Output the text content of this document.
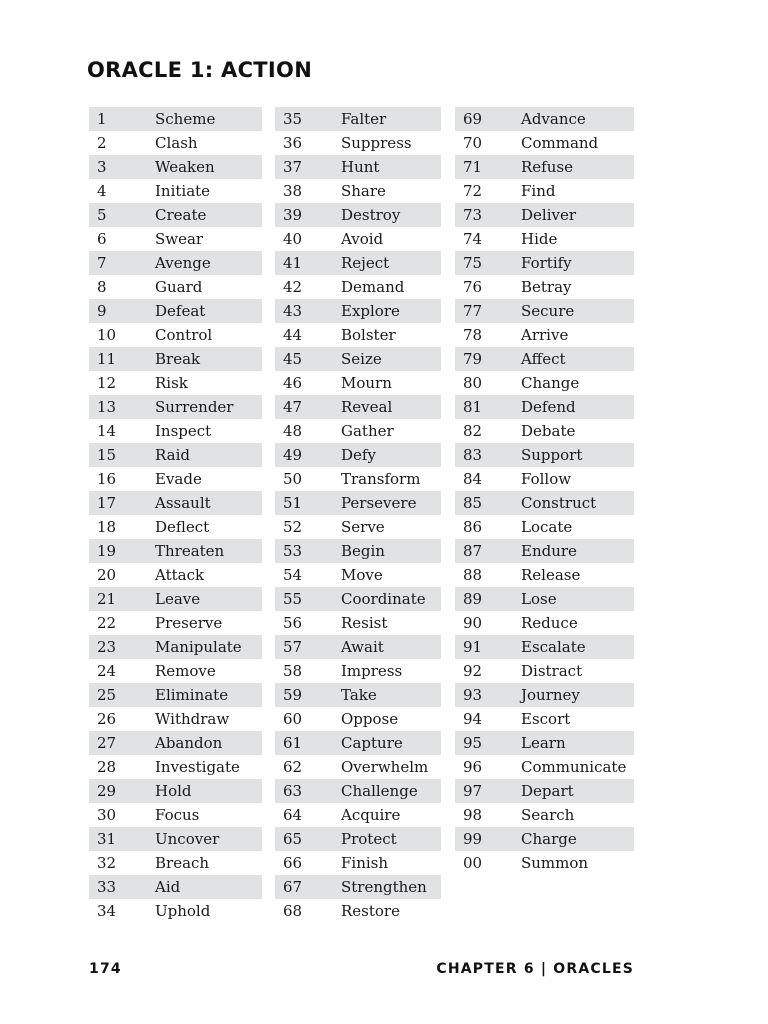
ORACLE 1: ACTION
1	Scheme
2	Clash
3	Weaken
4	Initiate
5	Create
6	Swear
7	Avenge
8	Guard
9	Defeat
10	Control
11	Break
12	Risk
13	Surrender
14	Inspect
15	Raid
16	Evade
17	Assault
18	Deflect
19	Threaten
20	Attack
21	Leave
22	Preserve
23	Manipulate
24	Remove
25	Eliminate
26	Withdraw
27	Abandon
28	Investigate
29	Hold
30	Focus
31	Uncover
32	Breach
33	Aid
34	Uphold
35	Falter
36	Suppress
37	Hunt
38	Share
39	Destroy
40	Avoid
41	Reject
42	Demand
43	Explore
44	Bolster
45	Seize
46	Mourn
47	Reveal
48	Gather
49	Defy
50	Transform
51	Persevere
52	Serve
53	Begin
54	Move
55	Coordinate
56	Resist
57	Await
58	Impress
59	Take
60	Oppose
61	Capture
62	Overwhelm
63	Challenge
64	Acquire
65	Protect
66	Finish
67	Strengthen
68	Restore
69	Advance
70	Command
71	Refuse
72	Find
73	Deliver
74	Hide
75	Fortify
76	Betray
77	Secure
78	Arrive
79	Affect
80	Change
81	Defend
82	Debate
83	Support
84	Follow
85	Construct
86	Locate
87	Endure
88	Release
89	Lose
90	Reduce
91	Escalate
92	Distract
93	Journey
94	Escort
95	Learn
96	Communicate
97	Depart
98	Search
99	Charge
00	Summon
174	CHAPTER 6 | ORACLES
